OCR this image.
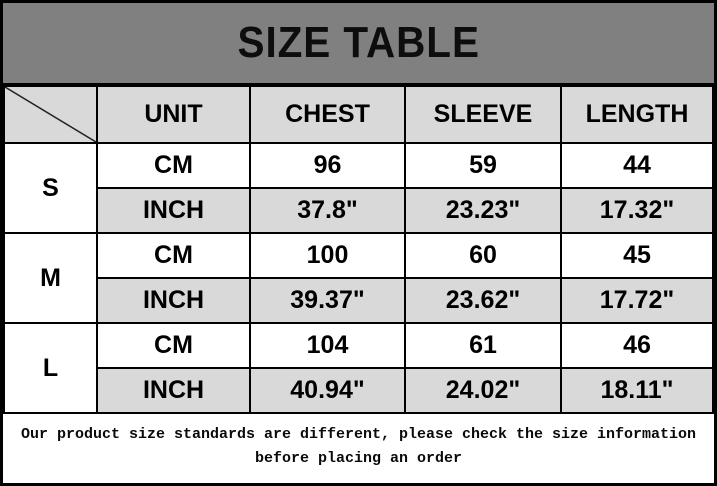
SIZE TABLE
	UNIT	CHEST	SLEEVE	LENGTH
S	CM	96	59	44
	INCH	37.8"	23.23"	17.32"
M	CM	100	60	45
	INCH	39.37"	23.62"	17.72"
L	CM	104	61	46
	INCH	40.94"	24.02"	18.11"
Our product size standards are different, please check the size information before placing an order
